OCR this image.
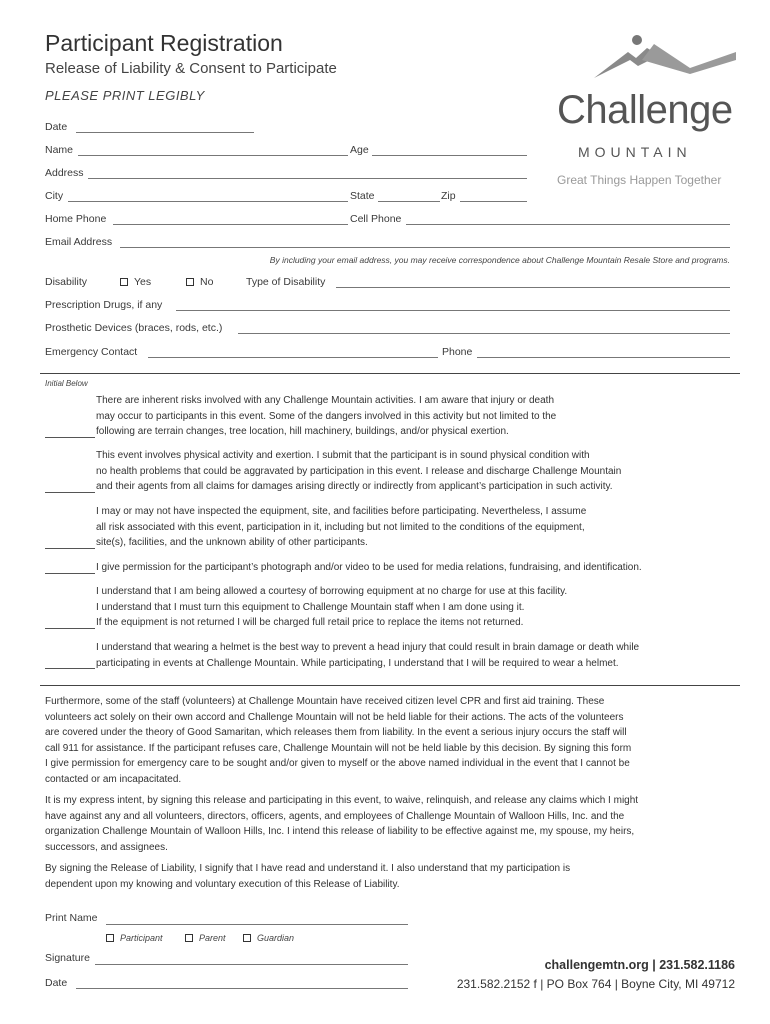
Participant Registration
Release of Liability & Consent to Participate
PLEASE PRINT LEGIBLY	Challenge
MOUNTAIN
Great Things Happen Together
Date
Name	Age
Address
City	State	Zip
Home Phone	Cell Phone
Email Address
By including your email address, you may receive correspondence about Challenge Mountain Resale Store and programs.
Disability	Yes	No	Type of Disability
Prescription Drugs, if any
Prosthetic Devices (braces, rods, etc.)
Emergency Contact	Phone
Initial Below
There are inherent risks involved with any Challenge Mountain activities. I am aware that injury or death
may occur to participants in this event. Some of the dangers involved in this activity but not limited to the
following are terrain changes, tree location, hill machinery, buildings, and/or physical exertion.
This event involves physical activity and exertion. I submit that the participant is in sound physical condition with
no health problems that could be aggravated by participation in this event. I release and discharge Challenge Mountain
and their agents from all claims for damages arising directly or indirectly from applicant’s participation in such activity.
I may or may not have inspected the equipment, site, and facilities before participating. Nevertheless, I assume
all risk associated with this event, participation in it, including but not limited to the conditions of the equipment,
site(s), facilities, and the unknown ability of other participants.
I give permission for the participant’s photograph and/or video to be used for media relations, fundraising, and identification.
I understand that I am being allowed a courtesy of borrowing equipment at no charge for use at this facility.
I understand that I must turn this equipment to Challenge Mountain staff when I am done using it.
If the equipment is not returned I will be charged full retail price to replace the items not returned.
I understand that wearing a helmet is the best way to prevent a head injury that could result in brain damage or death while
participating in events at Challenge Mountain. While participating, I understand that I will be required to wear a helmet.
Furthermore, some of the staff (volunteers) at Challenge Mountain have received citizen level CPR and first aid training. These
volunteers act solely on their own accord and Challenge Mountain will not be held liable for their actions. The acts of the volunteers
are covered under the theory of Good Samaritan, which releases them from liability. In the event a serious injury occurs the staff will
call 911 for assistance. If the participant refuses care, Challenge Mountain will not be held liable by this decision. By signing this form
I give permission for emergency care to be sought and/or given to myself or the above named individual in the event that I cannot be
contacted or am incapacitated.
It is my express intent, by signing this release and participating in this event, to waive, relinquish, and release any claims which I might
have against any and all volunteers, directors, officers, agents, and employees of Challenge Mountain of Walloon Hills, Inc. and the
organization Challenge Mountain of Walloon Hills, Inc. I intend this release of liability to be effective against me, my spouse, my heirs,
successors, and assignees.
By signing the Release of Liability, I signify that I have read and understand it. I also understand that my participation is
dependent upon my knowing and voluntary execution of this Release of Liability.
Print Name
Participant	Parent	Guardian
Signature
Date
challengemtn.org | 231.582.1186
231.582.2152 f | PO Box 764 | Boyne City, MI 49712
